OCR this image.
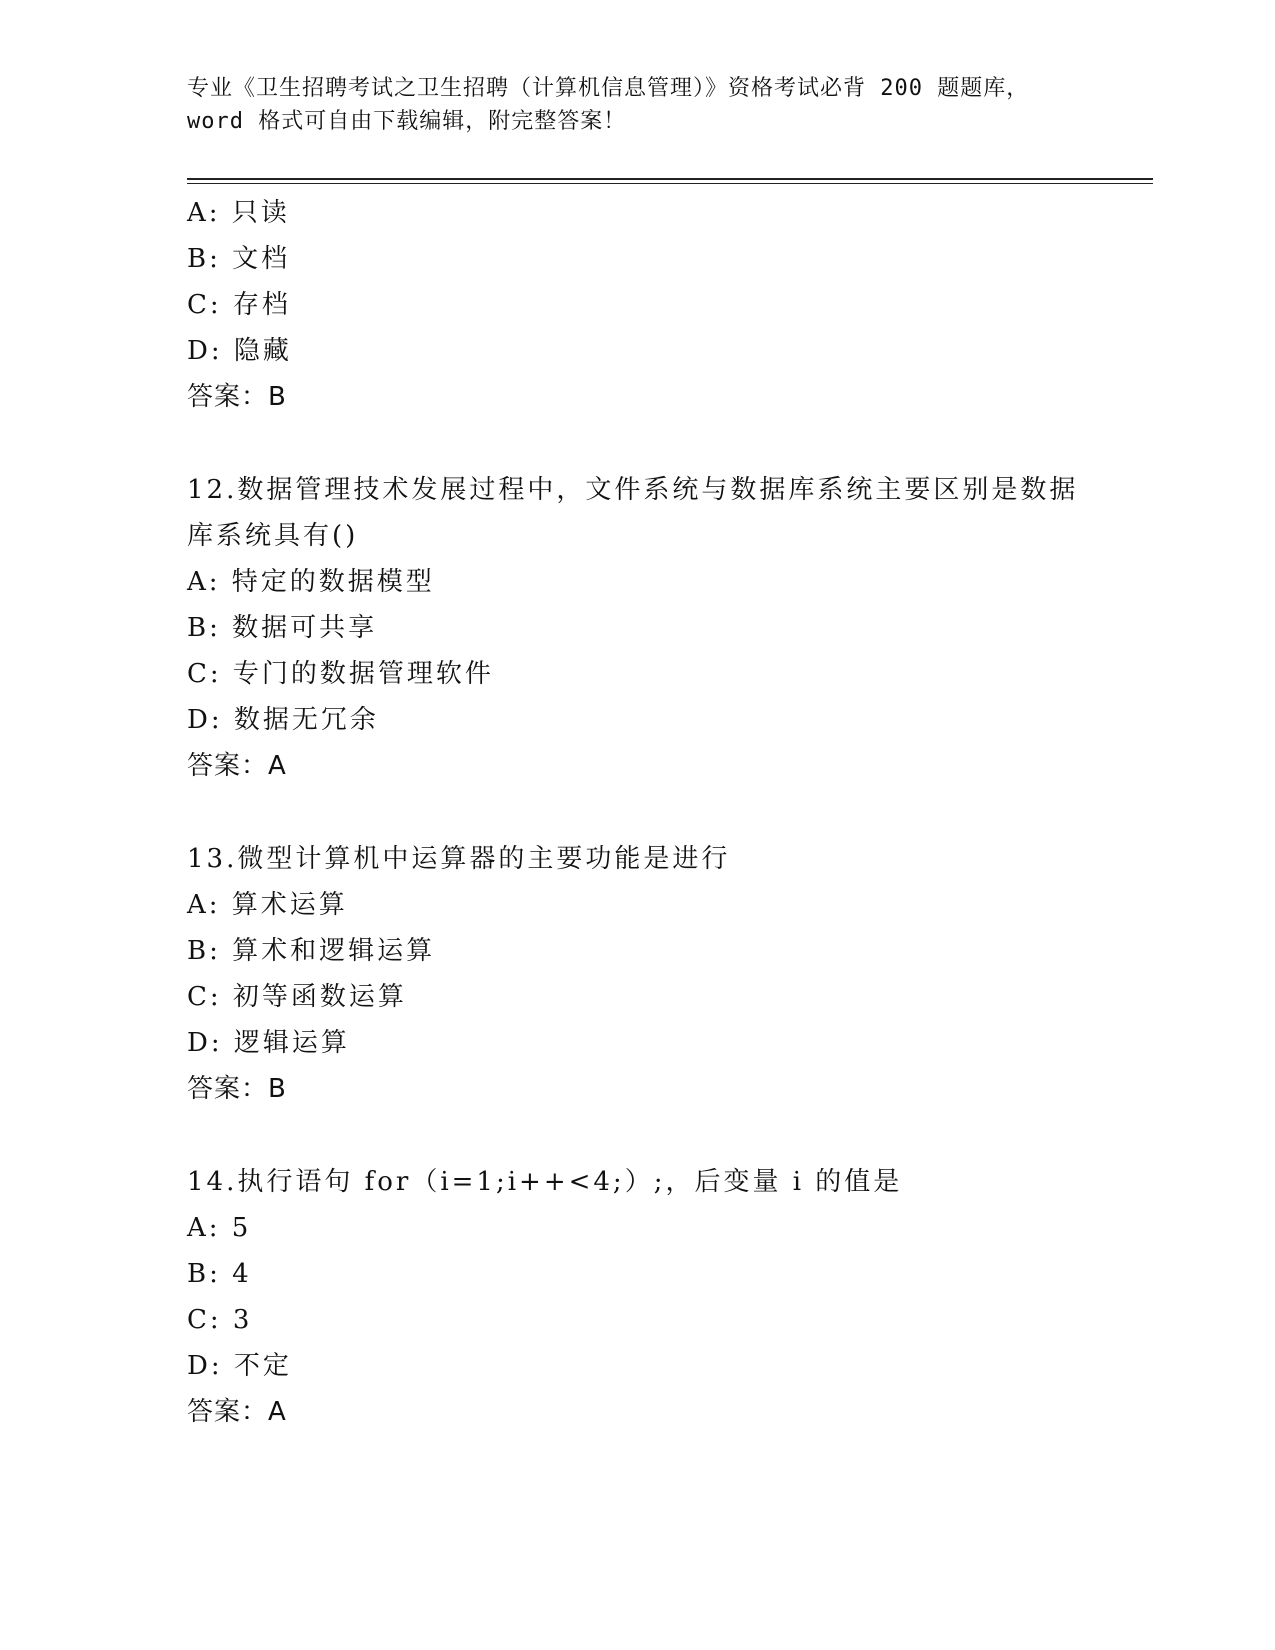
专业《卫生招聘考试之卫生招聘（计算机信息管理）》资格考试必背 200 题题库，
word 格式可自由下载编辑，附完整答案！
A: 只读
B: 文档
C: 存档
D: 隐藏
答案：B
12.数据管理技术发展过程中，文件系统与数据库系统主要区别是数据
库系统具有()
A: 特定的数据模型
B: 数据可共享
C: 专门的数据管理软件
D: 数据无冗余
答案：A
13.微型计算机中运算器的主要功能是进行
A: 算术运算
B: 算术和逻辑运算
C: 初等函数运算
D: 逻辑运算
答案：B
14.执行语句 for（i=1;i++<4;）;，后变量 i 的值是
A: 5
B: 4
C: 3
D: 不定
答案：A
